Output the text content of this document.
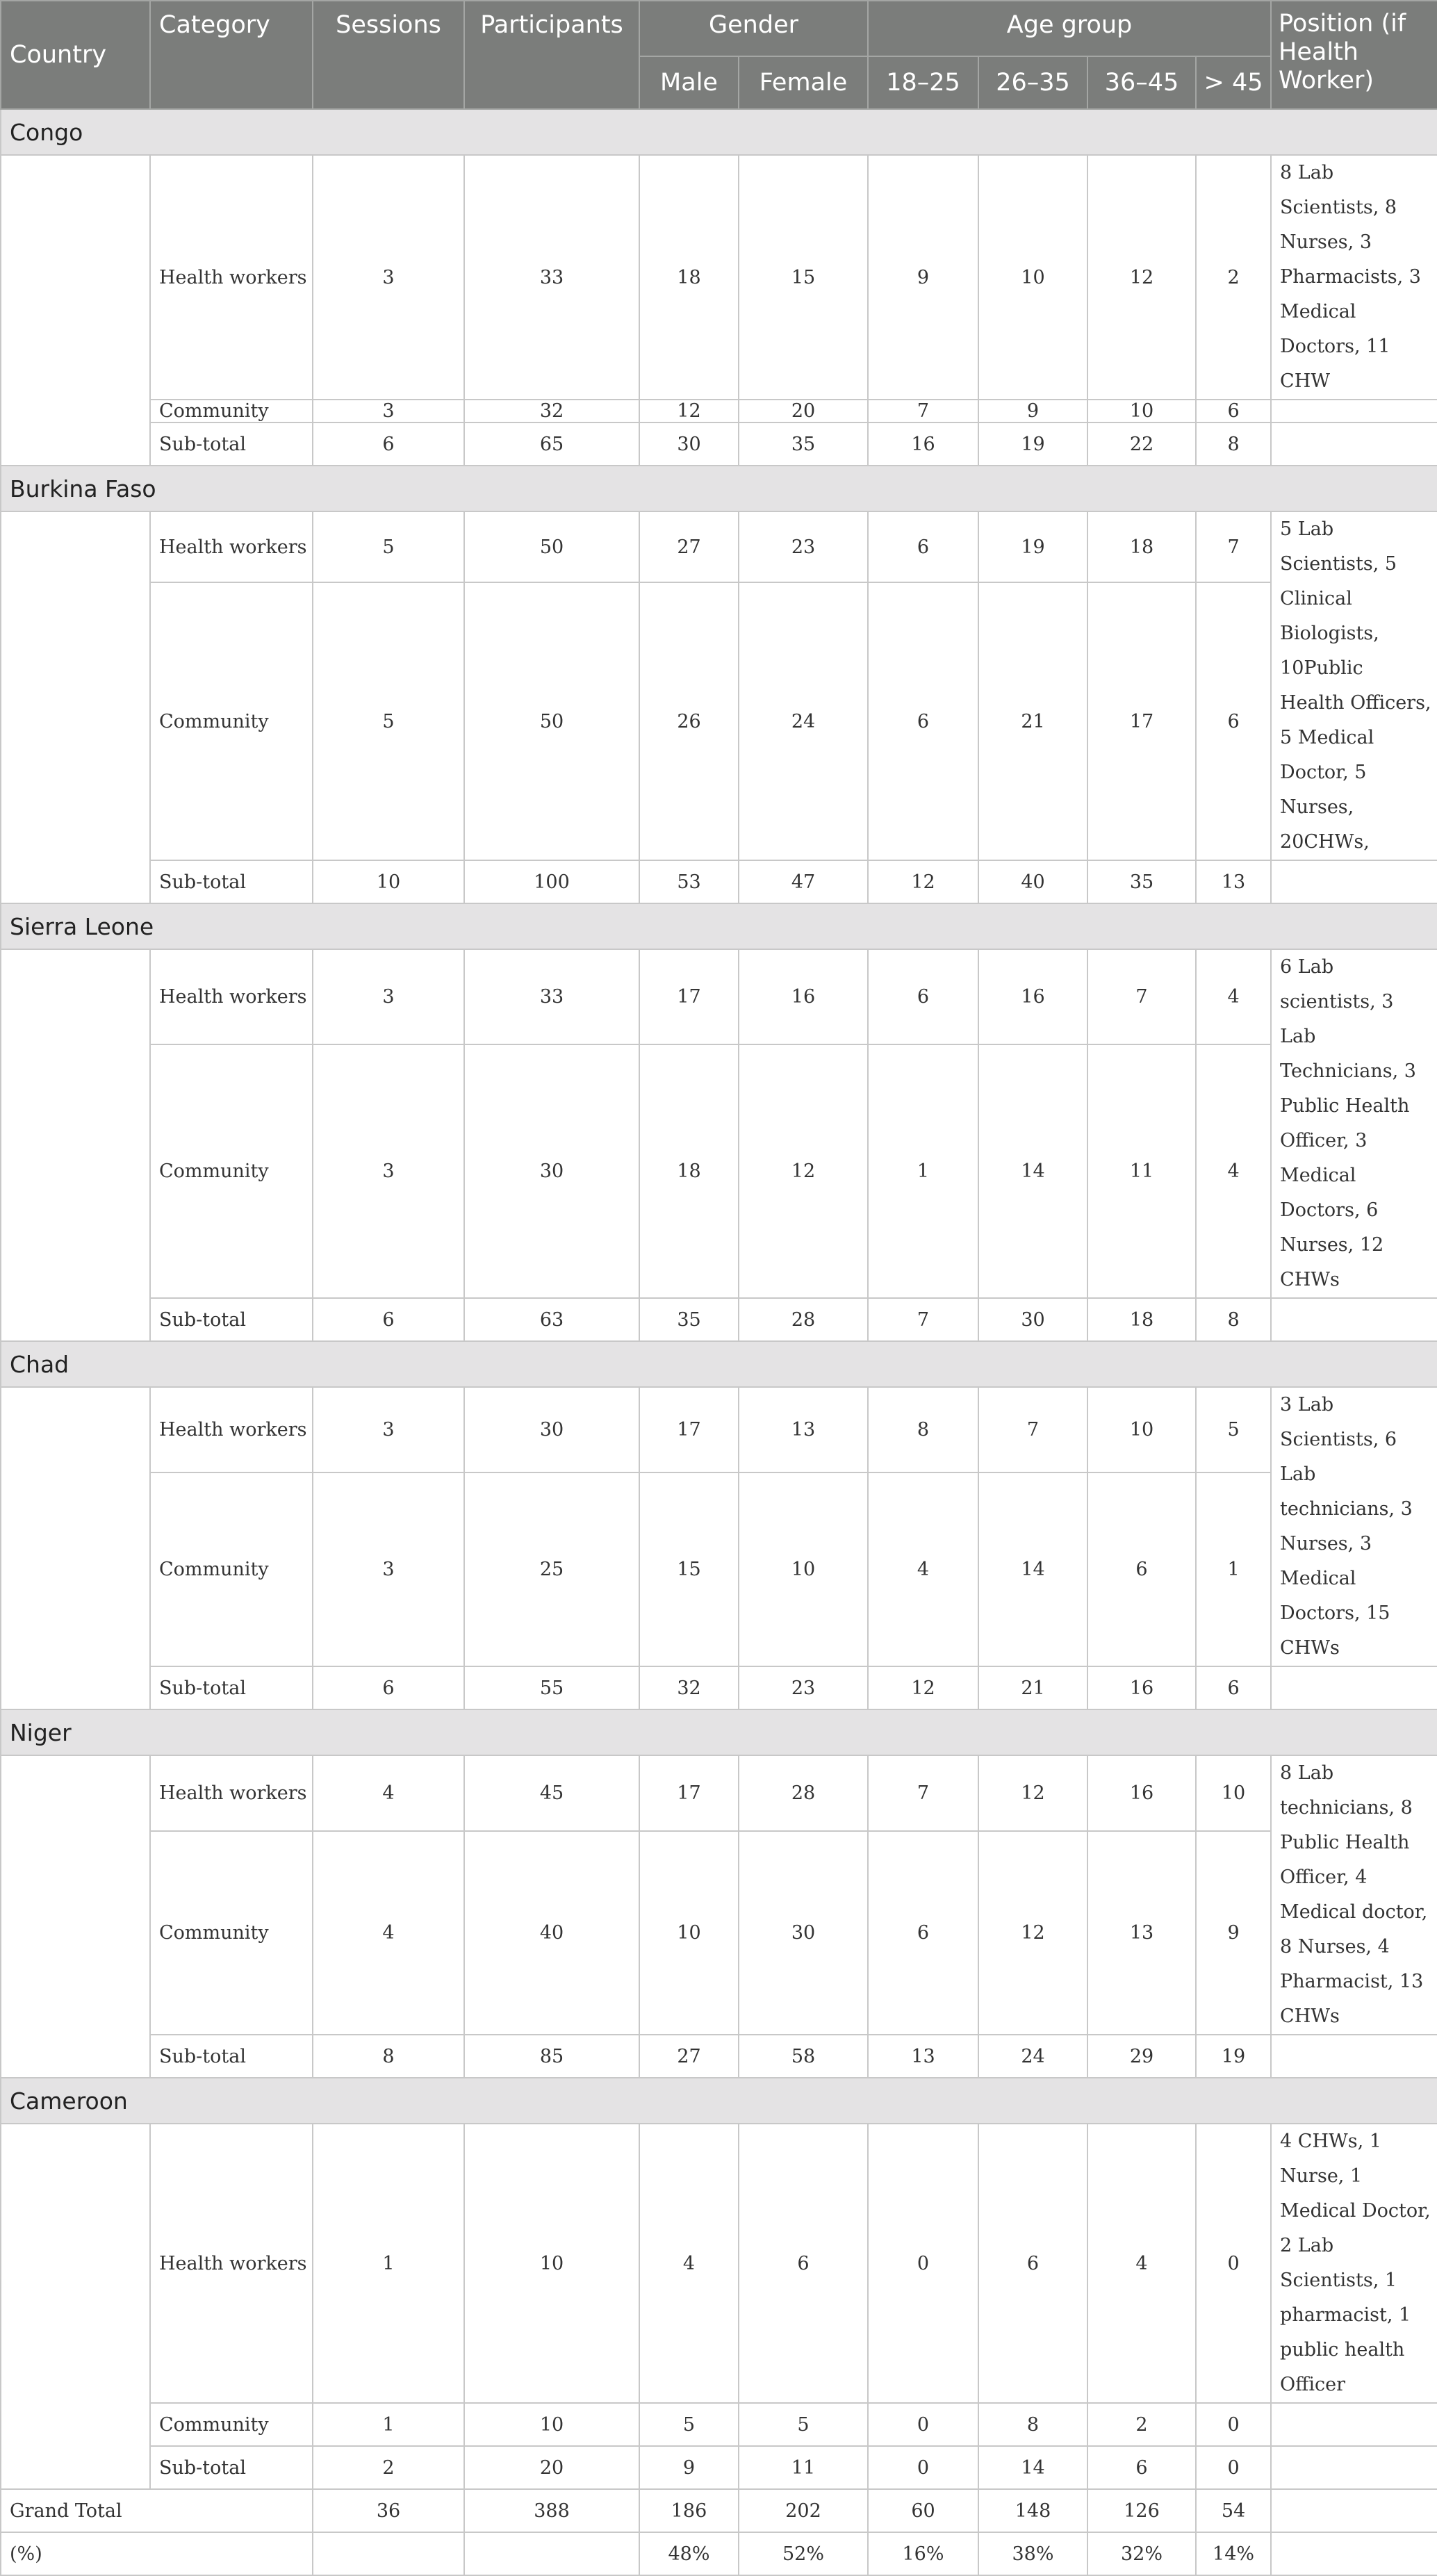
Country	Category	Sessions	Participants	Gender		Age group				Position (if Health Worker)
				Male	Female	18–25	26–35	36–45	> 45	
Congo										
	Health workers	3	33	18	15	9	10	12	2	8 Lab Scientists, 8 Nurses, 3 Pharmacists, 3 Medical Doctors, 11 CHW
	Community	3	32	12	20	7	9	10	6	
	Sub-total	6	65	30	35	16	19	22	8	
Burkina Faso										
	Health workers	5	50	27	23	6	19	18	7	5 Lab Scientists, 5 Clinical Biologists, 10Public Health Officers, 5 Medical Doctor, 5 Nurses, 20CHWs,
	Community	5	50	26	24	6	21	17	6	
	Sub-total	10	100	53	47	12	40	35	13	
Sierra Leone										
	Health workers	3	33	17	16	6	16	7	4	6 Lab scientists, 3 Lab Technicians, 3 Public Health Officer, 3 Medical Doctors, 6 Nurses, 12 CHWs
	Community	3	30	18	12	1	14	11	4	
	Sub-total	6	63	35	28	7	30	18	8	
Chad										
	Health workers	3	30	17	13	8	7	10	5	3 Lab Scientists, 6 Lab technicians, 3 Nurses, 3 Medical Doctors, 15 CHWs
	Community	3	25	15	10	4	14	6	1	
	Sub-total	6	55	32	23	12	21	16	6	
Niger										
	Health workers	4	45	17	28	7	12	16	10	8 Lab technicians, 8 Public Health Officer, 4 Medical doctor, 8 Nurses, 4 Pharmacist, 13 CHWs
	Community	4	40	10	30	6	12	13	9	
	Sub-total	8	85	27	58	13	24	29	19	
Cameroon										
	Health workers	1	10	4	6	0	6	4	0	4 CHWs, 1 Nurse, 1 Medical Doctor, 2 Lab Scientists, 1 pharmacist, 1 public health Officer
	Community	1	10	5	5	0	8	2	0	
	Sub-total	2	20	9	11	0	14	6	0	
Grand Total		36	388	186	202	60	148	126	54	
(%)				48%	52%	16%	38%	32%	14%	
